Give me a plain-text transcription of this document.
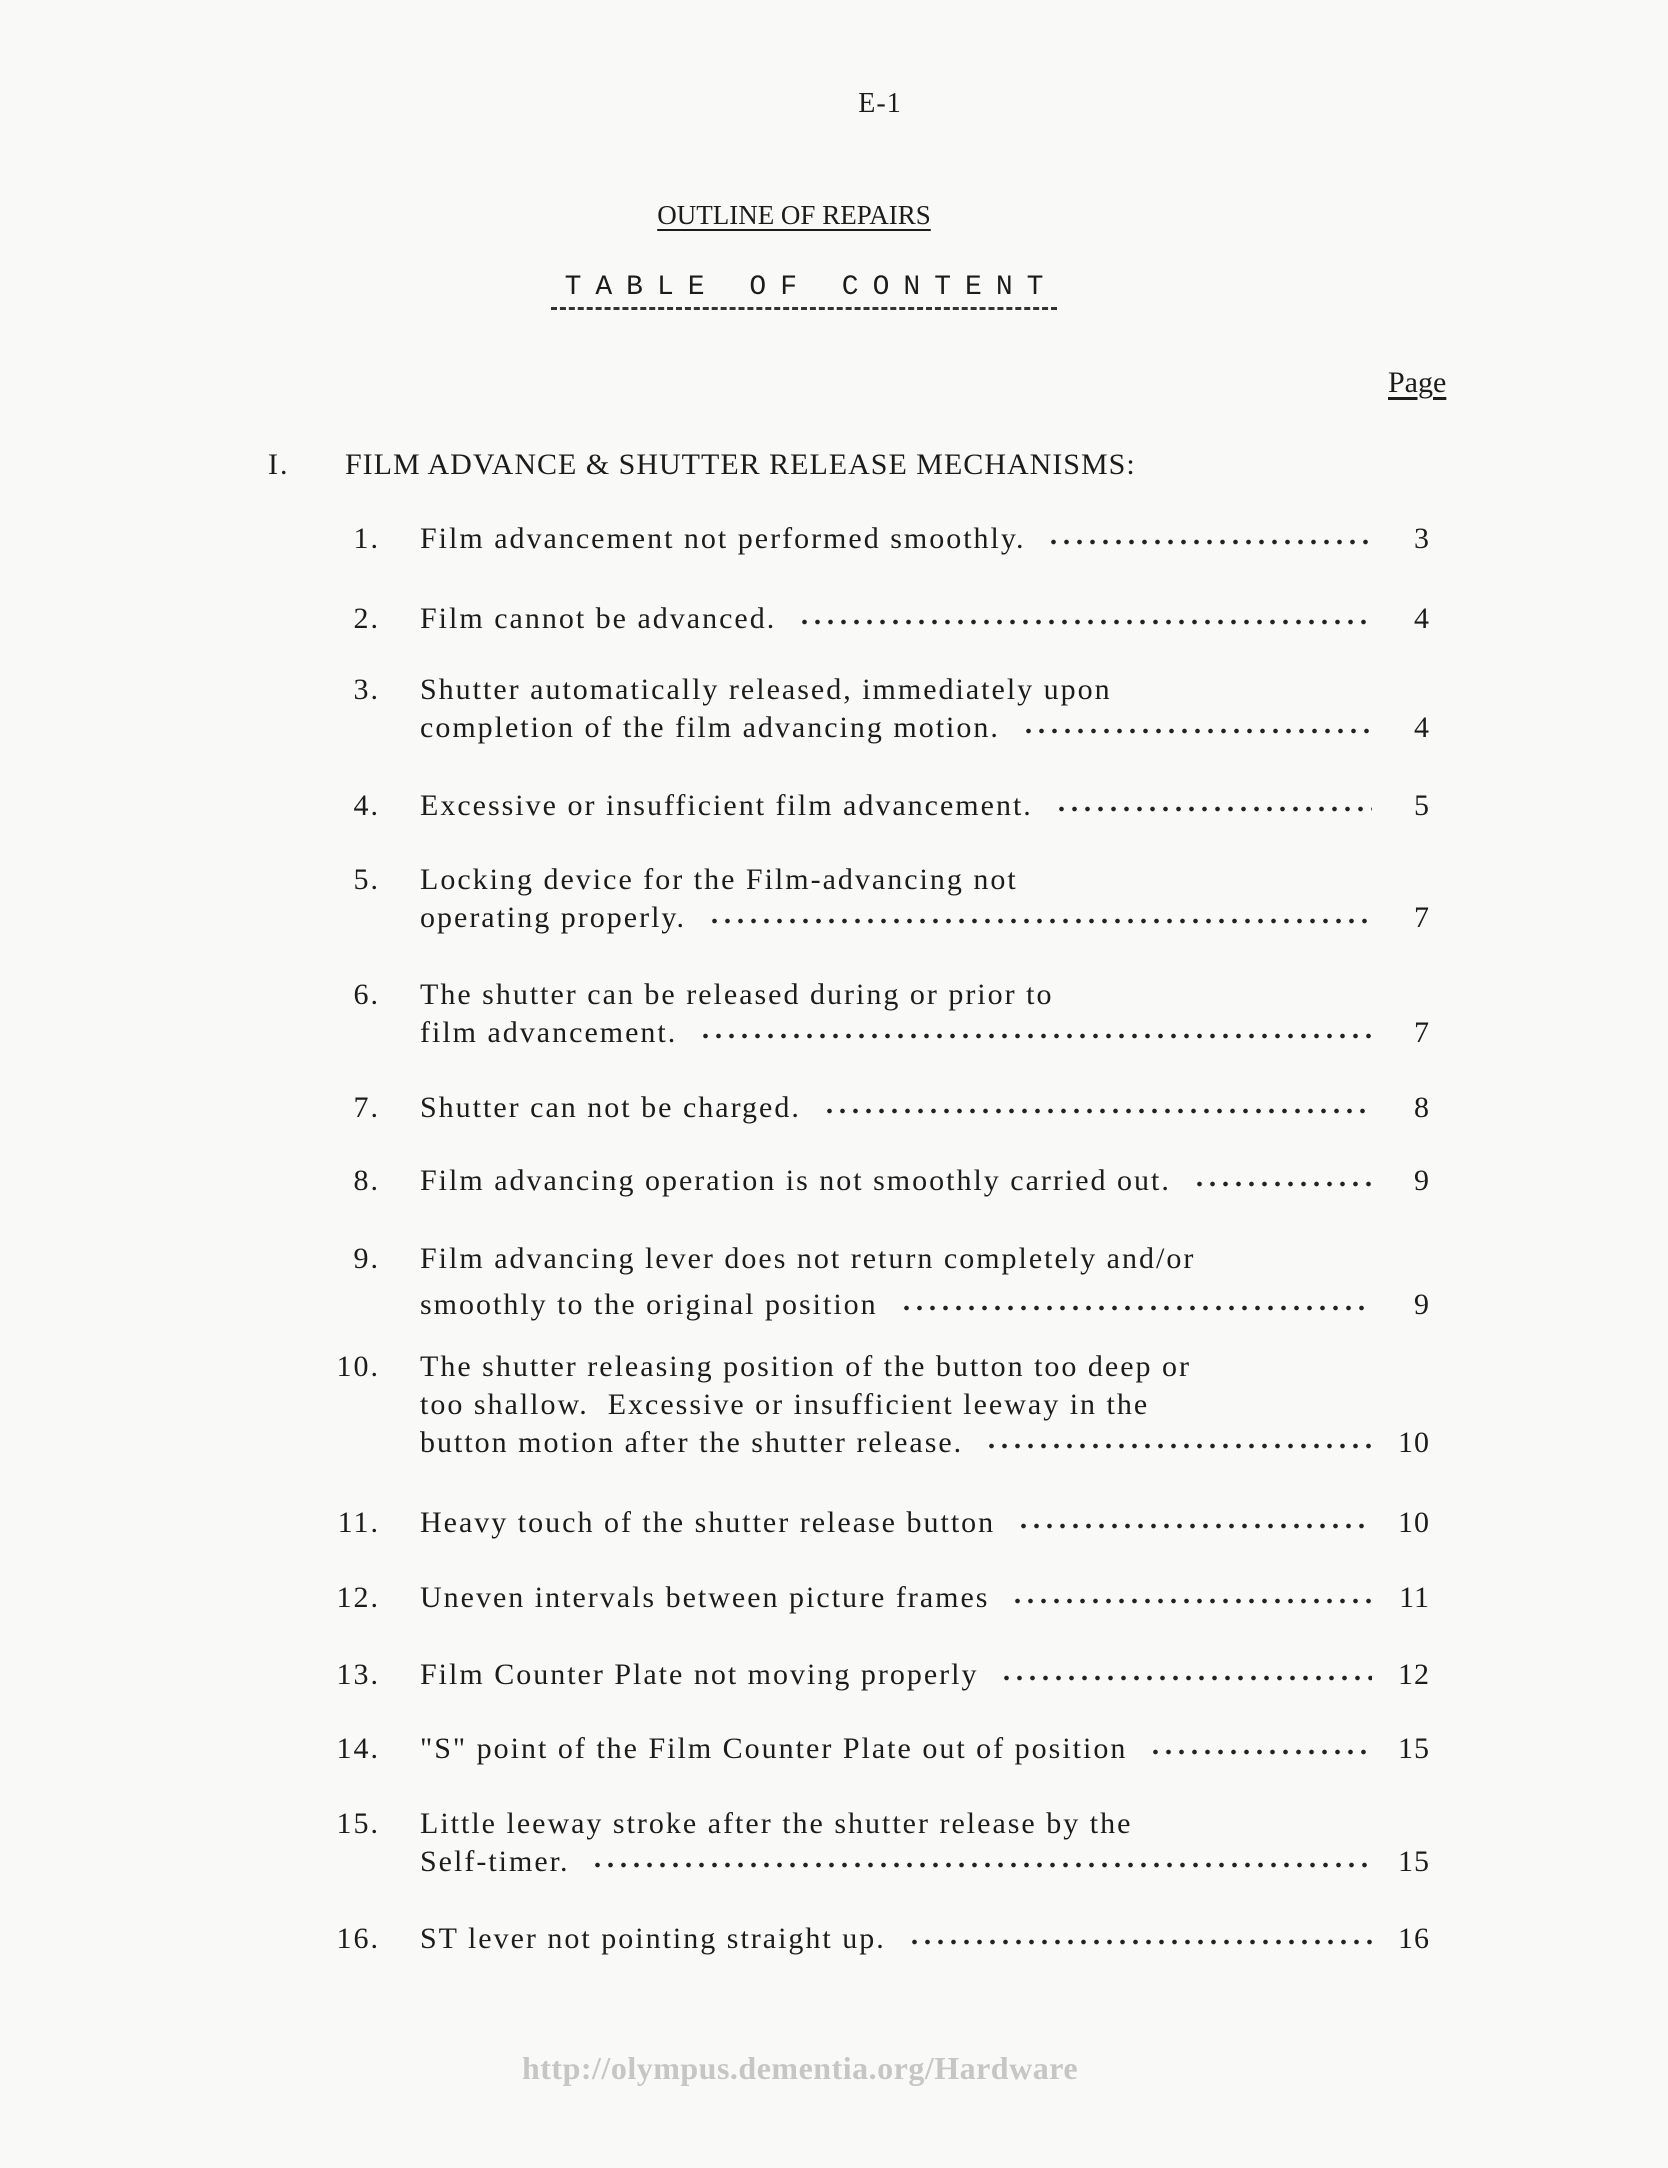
E-1
OUTLINE OF REPAIRS
TABLE OF CONTENT
Page
I. FILM ADVANCE & SHUTTER RELEASE MECHANISMS:
1. Film advancement not performed smoothly.	3
2. Film cannot be advanced.	4
3. Shutter automatically released, immediately upon
completion of the film advancing motion.	4
4. Excessive or insufficient film advancement.	5
5. Locking device for the Film-advancing not
operating properly.	7
6. The shutter can be released during or prior to
film advancement.	7
7. Shutter can not be charged.	8
8. Film advancing operation is not smoothly carried out.	9
9. Film advancing lever does not return completely and/or
smoothly to the original position	9
10. The shutter releasing position of the button too deep or
too shallow.  Excessive or insufficient leeway in the
button motion after the shutter release.	10
11. Heavy touch of the shutter release button	10
12. Uneven intervals between picture frames	11
13. Film Counter Plate not moving properly	12
14. "S" point of the Film Counter Plate out of position	15
15. Little leeway stroke after the shutter release by the
Self-timer.	15
16. ST lever not pointing straight up.	16
http://olympus.dementia.org/Hardware
